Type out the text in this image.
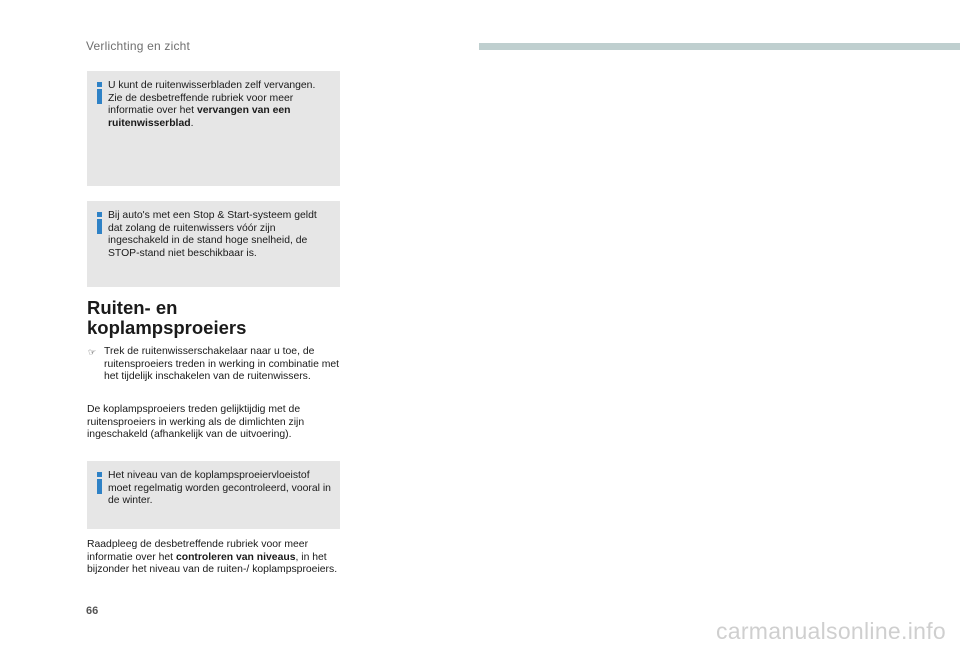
Verlichting en zicht
U kunt de ruitenwisserbladen zelf vervangen. Zie de desbetreffende rubriek voor meer informatie over het vervangen van een ruitenwisserblad.
Bij auto's met een Stop & Start-systeem geldt dat zolang de ruitenwissers vóór zijn ingeschakeld in de stand hoge snelheid, de STOP-stand niet beschikbaar is.
Ruiten- en
koplampsproeiers
☞ Trek de ruitenwisserschakelaar naar u toe, de ruitensproeiers treden in werking in combinatie met het tijdelijk inschakelen van de ruitenwissers.
De koplampsproeiers treden gelijktijdig met de ruitensproeiers in werking als de dimlichten zijn ingeschakeld (afhankelijk van de uitvoering).
Het niveau van de koplampsproeiervloeistof moet regelmatig worden gecontroleerd, vooral in de winter.
Raadpleeg de desbetreffende rubriek voor meer informatie over het controleren van niveaus, in het bijzonder het niveau van de ruiten-/ koplampsproeiers.
66
carmanualsonline.info
